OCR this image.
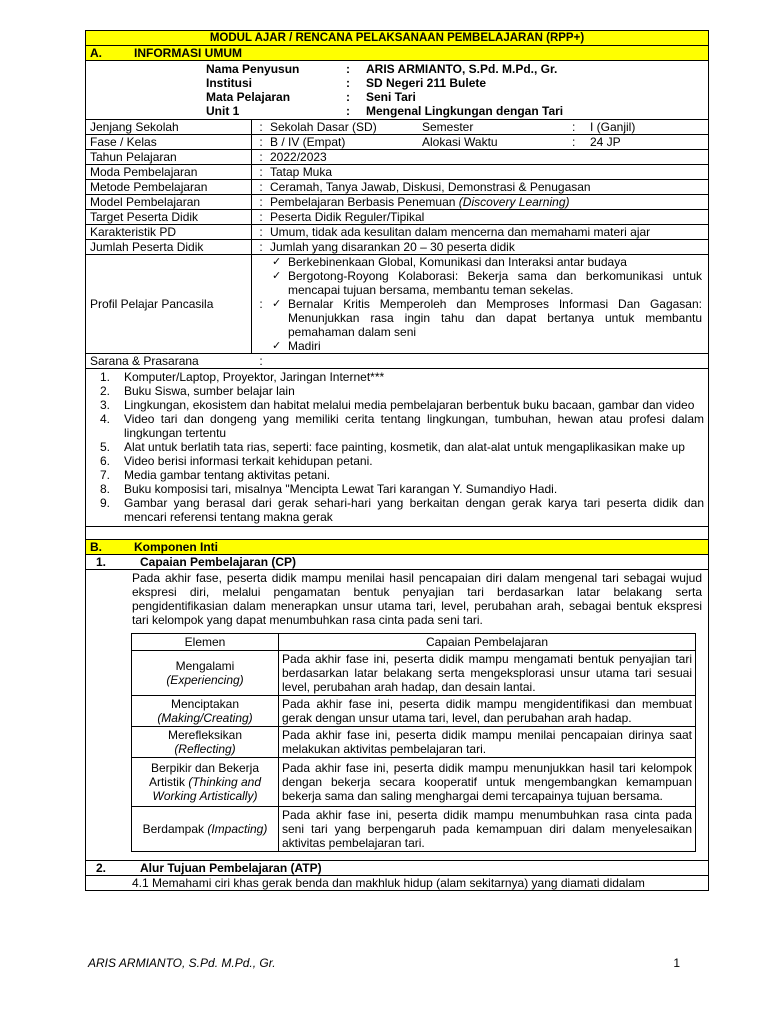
MODUL AJAR / RENCANA PELAKSANAAN PEMBELAJARAN (RPP+)
A.	INFORMASI UMUM
Nama Penyusun	:	ARIS ARMIANTO, S.Pd. M.Pd., Gr.
Institusi	:	SD Negeri 211 Bulete
Mata Pelajaran	:	Seni Tari
Unit 1	:	Mengenal Lingkungan dengan Tari
Jenjang Sekolah	: Sekolah Dasar (SD)	Semester	:	I (Ganjil)
Fase / Kelas	: B / IV (Empat)	Alokasi Waktu	:	24 JP
Tahun Pelajaran	: 2022/2023
Moda Pembelajaran	: Tatap Muka
Metode Pembelajaran	: Ceramah, Tanya Jawab, Diskusi, Demonstrasi & Penugasan
Model Pembelajaran	: Pembelajaran Berbasis Penemuan (Discovery Learning)
Target Peserta Didik	: Peserta Didik Reguler/Tipikal
Karakteristik PD	: Umum, tidak ada kesulitan dalam mencerna dan memahami materi ajar
Jumlah Peserta Didik	: Jumlah yang disarankan 20 – 30 peserta didik
Profil Pelajar Pancasila	:
✓ Berkebinenkaan Global, Komunikasi dan Interaksi antar budaya
✓ Bergotong-Royong Kolaborasi: Bekerja sama dan berkomunikasi untuk mencapai tujuan bersama, membantu teman sekelas.
✓ Bernalar Kritis Memperoleh dan Memproses Informasi Dan Gagasan: Menunjukkan rasa ingin tahu dan dapat bertanya untuk membantu pemahaman dalam seni
✓ Madiri
Sarana & Prasarana	:
1. Komputer/Laptop, Proyektor, Jaringan Internet***
2. Buku Siswa, sumber belajar lain
3. Lingkungan, ekosistem dan habitat melalui media pembelajaran berbentuk buku bacaan, gambar dan video
4. Video tari dan dongeng yang memiliki cerita tentang lingkungan, tumbuhan, hewan atau profesi dalam lingkungan tertentu
5. Alat untuk berlatih tata rias, seperti: face painting, kosmetik, dan alat-alat untuk mengaplikasikan make up
6. Video berisi informasi terkait kehidupan petani.
7. Media gambar tentang aktivitas petani.
8. Buku komposisi tari, misalnya "Mencipta Lewat Tari karangan Y. Sumandiyo Hadi.
9. Gambar yang berasal dari gerak sehari-hari yang berkaitan dengan gerak karya tari peserta didik dan mencari referensi tentang makna gerak
B.	Komponen Inti
1.	Capaian Pembelajaran (CP)
Pada akhir fase, peserta didik mampu menilai hasil pencapaian diri dalam mengenal tari sebagai wujud ekspresi diri, melalui pengamatan bentuk penyajian tari berdasarkan latar belakang serta pengidentifikasian dalam menerapkan unsur utama tari, level, perubahan arah, sebagai bentuk ekspresi tari kelompok yang dapat menumbuhkan rasa cinta pada seni tari.
Elemen	Capaian Pembelajaran
Mengalami
(Experiencing)	Pada akhir fase ini, peserta didik mampu mengamati bentuk penyajian tari berdasarkan latar belakang serta mengeksplorasi unsur utama tari sesuai level, perubahan arah hadap, dan desain lantai.
Menciptakan
(Making/Creating)	Pada akhir fase ini, peserta didik mampu mengidentifikasi dan membuat gerak dengan unsur utama tari, level, dan perubahan arah hadap.
Merefleksikan
(Reflecting)	Pada akhir fase ini, peserta didik mampu menilai pencapaian dirinya saat melakukan aktivitas pembelajaran tari.
Berpikir dan Bekerja Artistik (Thinking and Working Artistically)	Pada akhir fase ini, peserta didik mampu menunjukkan hasil tari kelompok dengan bekerja secara kooperatif untuk mengembangkan kemampuan bekerja sama dan saling menghargai demi tercapainya tujuan bersama.
Berdampak (Impacting)	Pada akhir fase ini, peserta didik mampu menumbuhkan rasa cinta pada seni tari yang berpengaruh pada kemampuan diri dalam menyelesaikan aktivitas pembelajaran tari.
2.	Alur Tujuan Pembelajaran (ATP)
4.1 Memahami ciri khas gerak benda dan makhluk hidup (alam sekitarnya) yang diamati didalam
ARIS ARMIANTO, S.Pd. M.Pd., Gr.	1
